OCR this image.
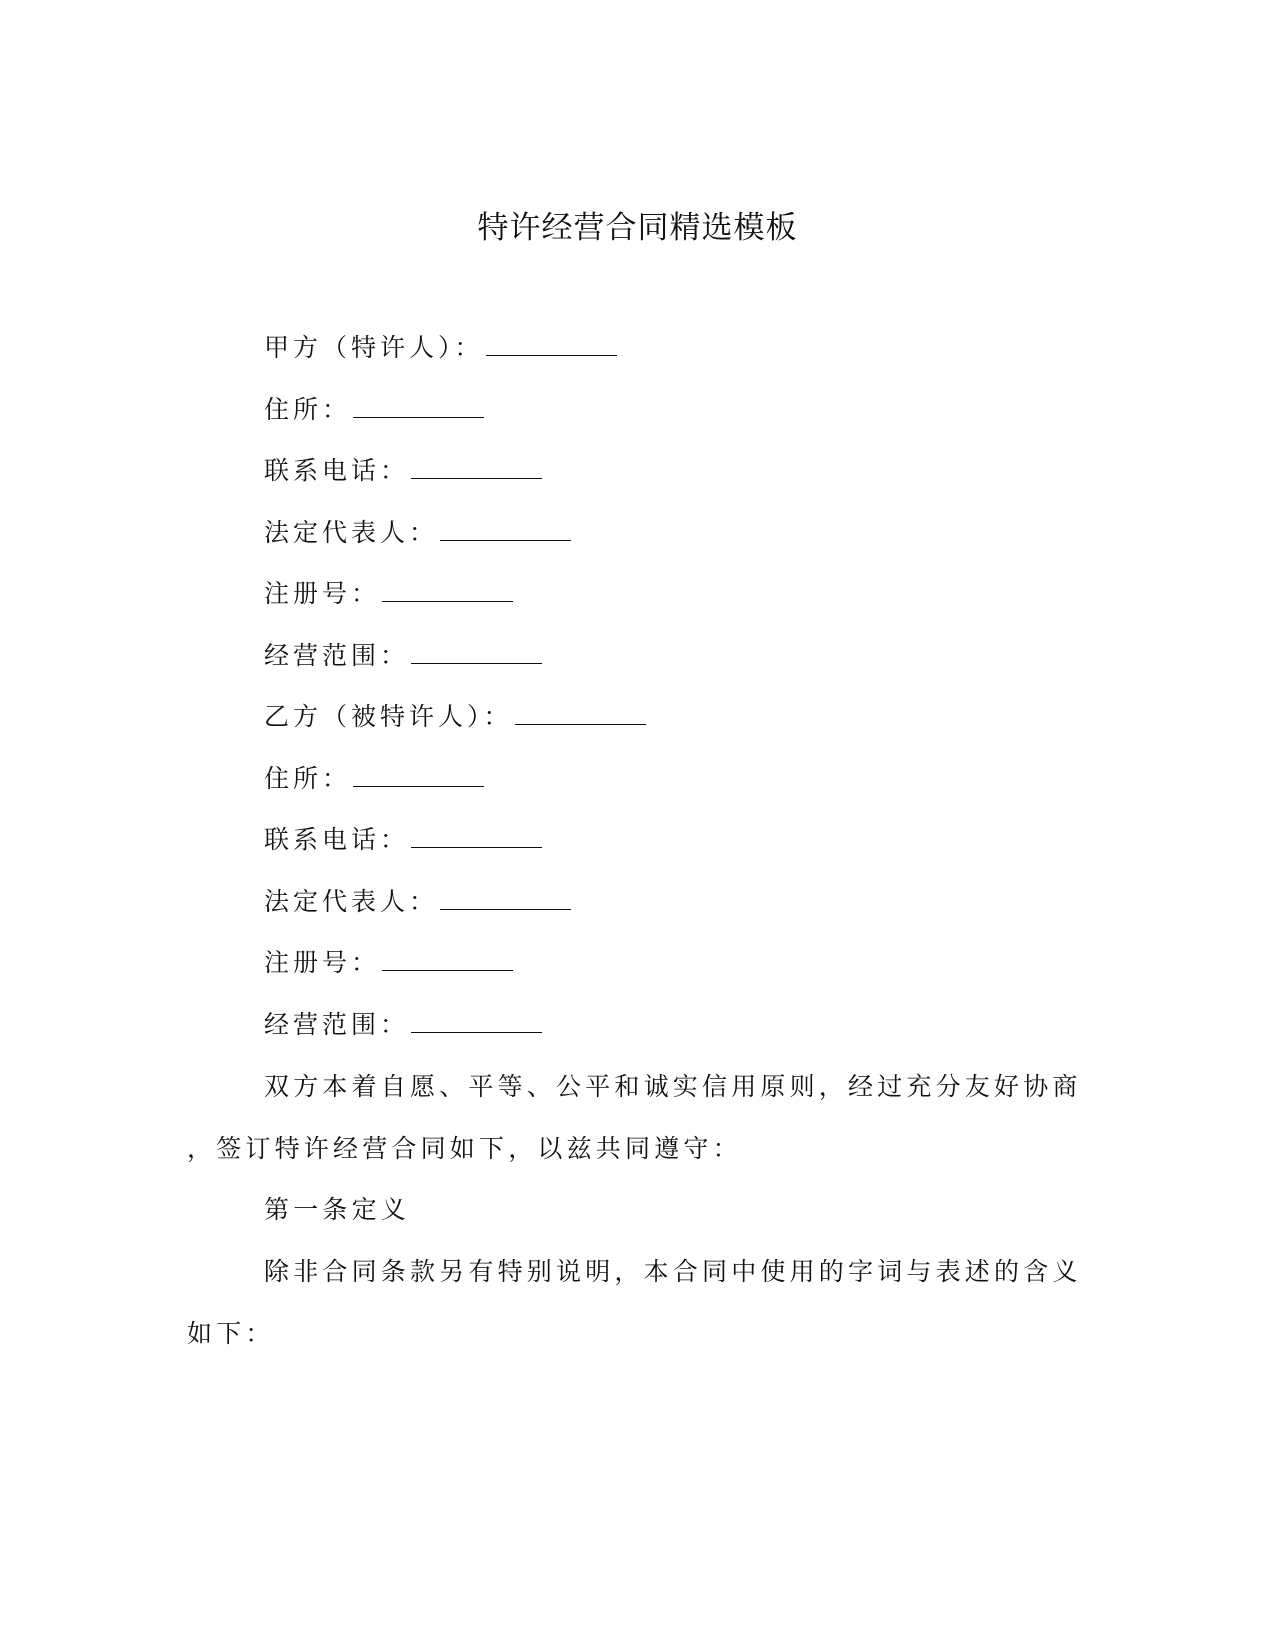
特许经营合同精选模板
甲方（特许人）：
住所：
联系电话：
法定代表人：
注册号：
经营范围：
乙方（被特许人）：
住所：
联系电话：
法定代表人：
注册号：
经营范围：
双方本着自愿、平等、公平和诚实信用原则，经过充分友好协商
，签订特许经营合同如下，以兹共同遵守：
第一条定义
除非合同条款另有特别说明，本合同中使用的字词与表述的含义
如下：
